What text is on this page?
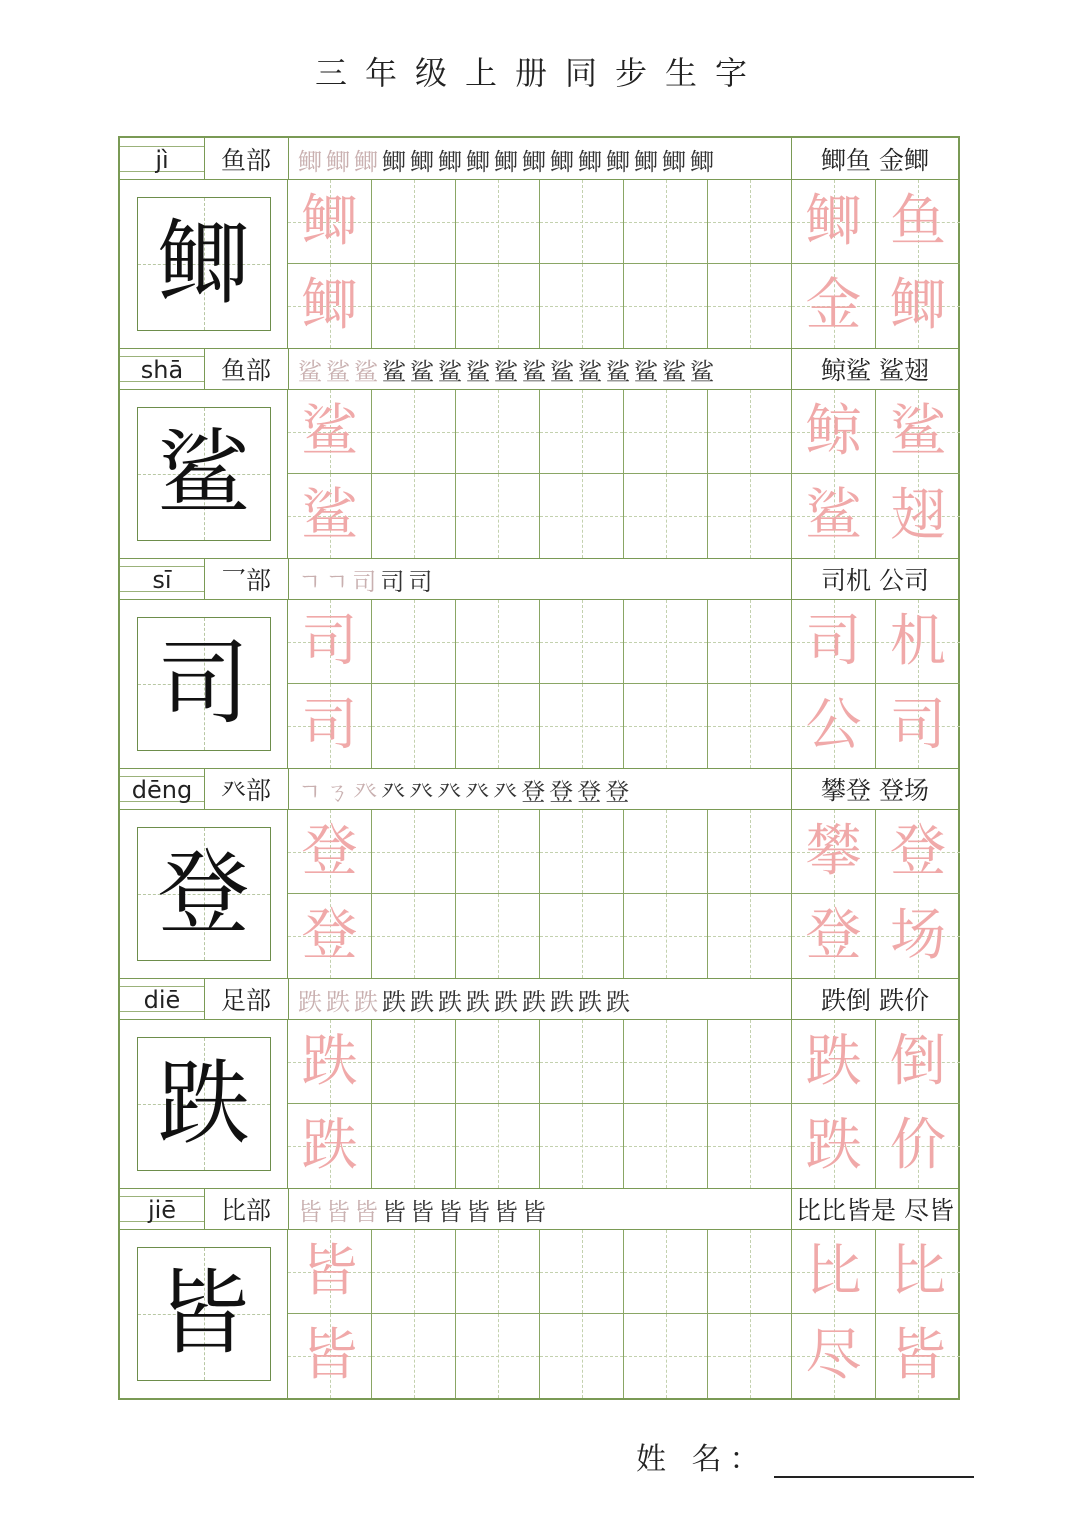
三年级上册同步生字
jì	鱼部	鲫 鲫 鲫 鲫 鲫 鲫 鲫 鲫 鲫 鲫 鲫 鲫 鲫 鲫 鲫	鲫鱼 金鲫
鲫 鲫	鲫 鱼
鲫	金 鲫
shā	鱼部	鲨 鲨 鲨 鲨 鲨 鲨 鲨 鲨 鲨 鲨 鲨 鲨 鲨 鲨 鲨	鲸鲨 鲨翅
鲨 鲨	鲸 鲨
鲨	鲨 翅
sī	乛部	ㄱ ㄱ 司 司 司	司机 公司
司 司	司 机
司	公 司
dēng	癶部	ㄱ ㄋ 癶 癶 癶 癶 癶 癶 登 登 登 登	攀登 登场
登 登	攀 登
登	登 场
diē	足部	跌 跌 跌 跌 跌 跌 跌 跌 跌 跌 跌 跌	跌倒 跌价
跌 跌	跌 倒
跌	跌 价
jiē	比部	皆 皆 皆 皆 皆 皆 皆 皆 皆	比比皆是 尽皆
皆 皆	比 比
皆	尽 皆
姓 名：
